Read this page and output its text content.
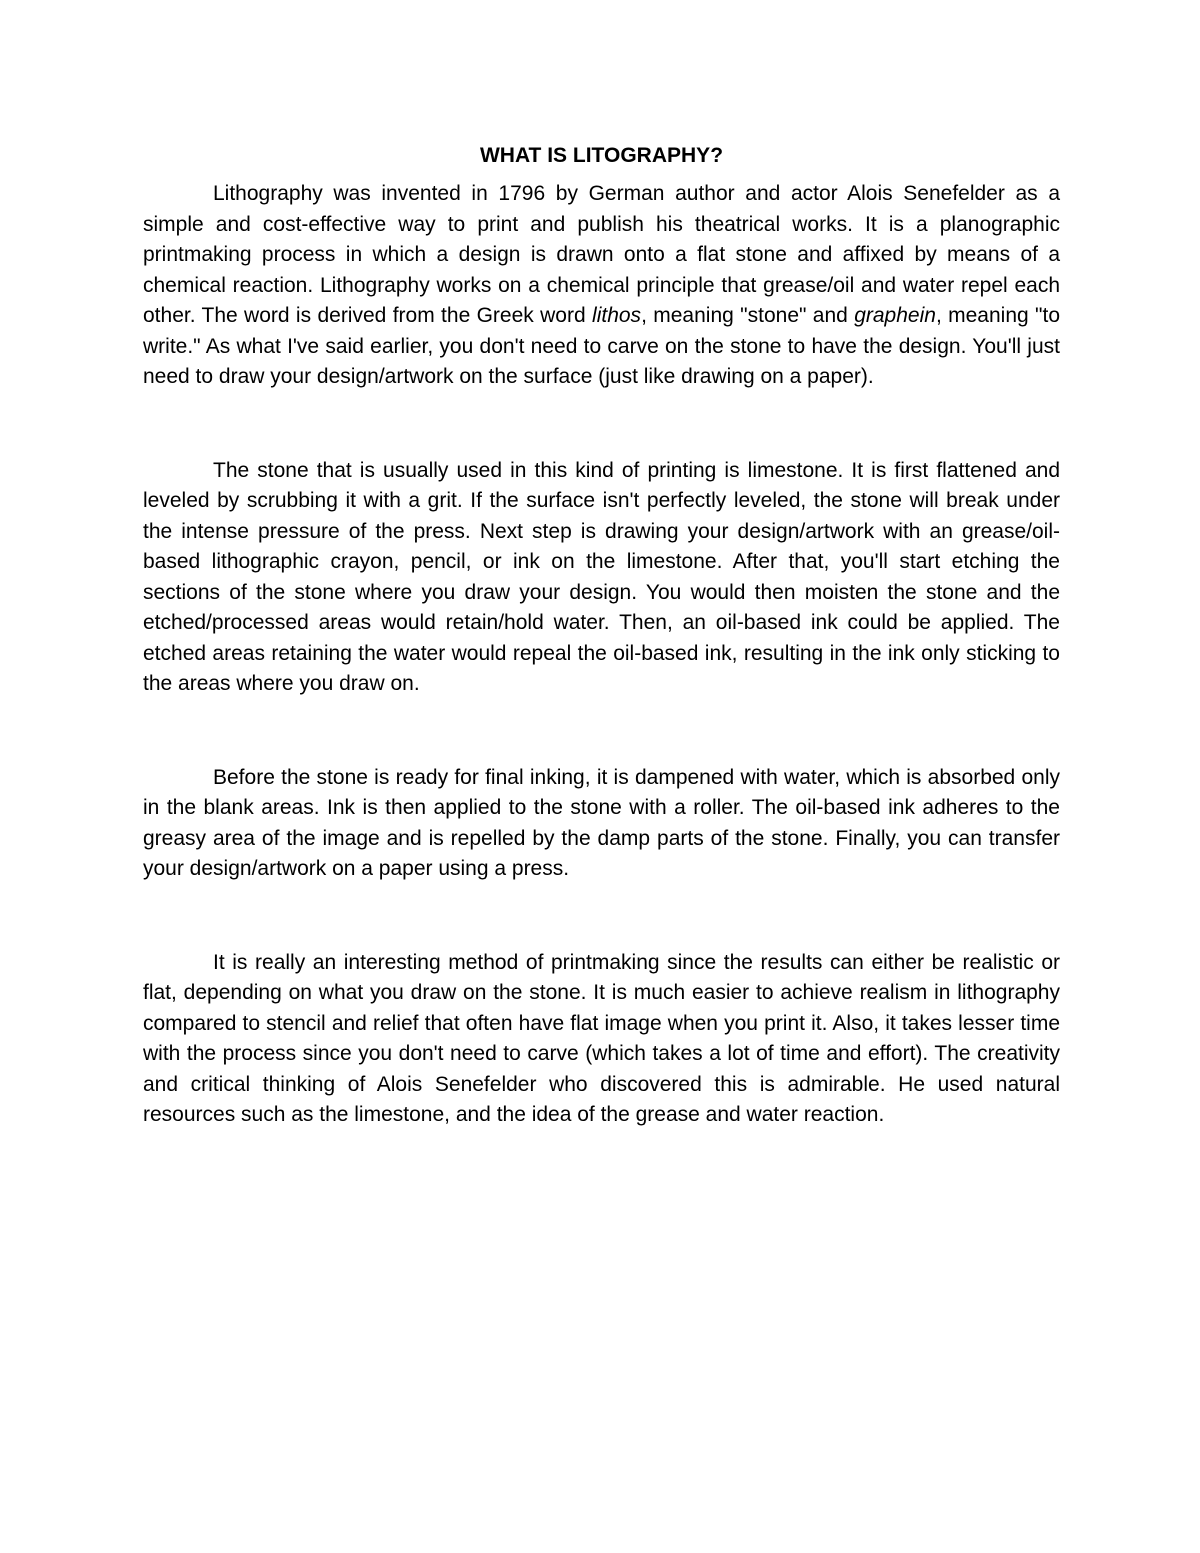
WHAT IS LITOGRAPHY?

Lithography was invented in 1796 by German author and actor Alois Senefelder as a simple and cost-effective way to print and publish his theatrical works. It is a planographic printmaking process in which a design is drawn onto a flat stone and affixed by means of a chemical reaction. Lithography works on a chemical principle that grease/oil and water repel each other. The word is derived from the Greek word lithos, meaning "stone" and graphein, meaning "to write." As what I've said earlier, you don't need to carve on the stone to have the design. You'll just need to draw your design/artwork on the surface (just like drawing on a paper).

The stone that is usually used in this kind of printing is limestone. It is first flattened and leveled by scrubbing it with a grit. If the surface isn't perfectly leveled, the stone will break under the intense pressure of the press. Next step is drawing your design/artwork with an grease/oil-based lithographic crayon, pencil, or ink on the limestone. After that, you'll start etching the sections of the stone where you draw your design. You would then moisten the stone and the etched/processed areas would retain/hold water. Then, an oil-based ink could be applied. The etched areas retaining the water would repeal the oil-based ink, resulting in the ink only sticking to the areas where you draw on.

Before the stone is ready for final inking, it is dampened with water, which is absorbed only in the blank areas. Ink is then applied to the stone with a roller. The oil-based ink adheres to the greasy area of the image and is repelled by the damp parts of the stone. Finally, you can transfer your design/artwork on a paper using a press.

It is really an interesting method of printmaking since the results can either be realistic or flat, depending on what you draw on the stone. It is much easier to achieve realism in lithography compared to stencil and relief that often have flat image when you print it. Also, it takes lesser time with the process since you don't need to carve (which takes a lot of time and effort). The creativity and critical thinking of Alois Senefelder who discovered this is admirable. He used natural resources such as the limestone, and the idea of the grease and water reaction.
